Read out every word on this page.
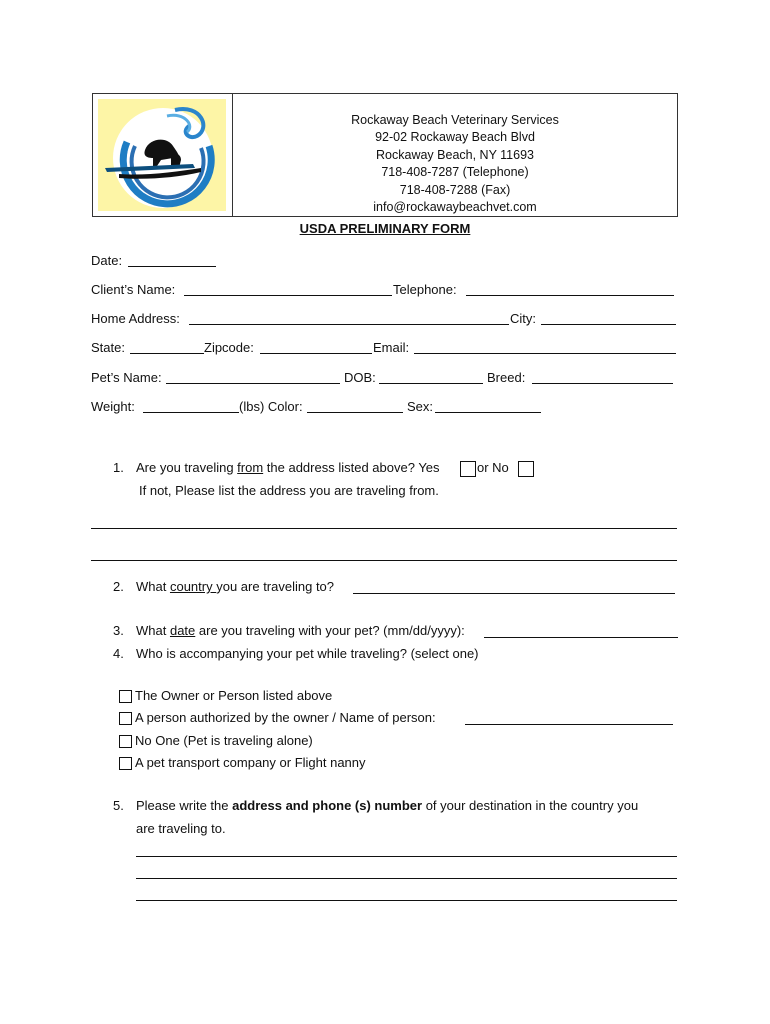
Rockaway Beach Veterinary Services
92-02 Rockaway Beach Blvd
Rockaway Beach, NY 11693
718-408-7287 (Telephone)
718-408-7288 (Fax)
info@rockawaybeachvet.com
USDA PRELIMINARY FORM
Date:
Client’s Name:	Telephone:
Home Address:	City:
State:	Zipcode:	Email:
Pet’s Name:	DOB:	Breed:
Weight:	(lbs) Color:	Sex:
1. Are you traveling from the address listed above? Yes	or No
If not, Please list the address you are traveling from.
2. What country you are traveling to?
3. What date are you traveling with your pet? (mm/dd/yyyy):
4. Who is accompanying your pet while traveling? (select one)
The Owner or Person listed above
A person authorized by the owner / Name of person:
No One (Pet is traveling alone)
A pet transport company or Flight nanny
5. Please write the address and phone (s) number of your destination in the country you
are traveling to.
